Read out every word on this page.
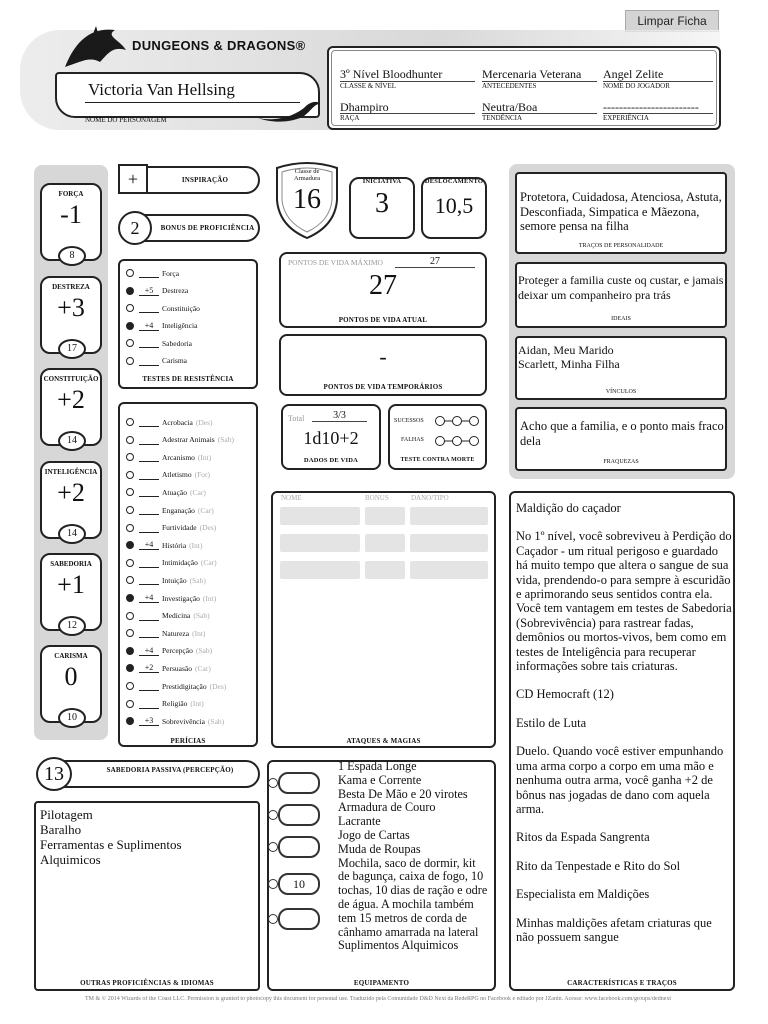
Limpar Ficha
DUNGEONS & DRAGONS®
Victoria Van Hellsing
NOME DO PERSONAGEM
3º Nível Bloodhunter
CLASSE & NÍVEL
Mercenaria Veterana
ANTECEDENTES
Angel Zelite
NOME DO JOGADOR
Dhampiro
RAÇA
Neutra/Boa
TENDÊNCIA
------------------------
EXPERIÊNCIA
FORÇA
-1
8
DESTREZA
+3
17
CONSTITUIÇÃO
+2
14
INTELIGÊNCIA
+2
14
SABEDORIA
+1
12
CARISMA
0
10
+	INSPIRAÇÃO
2	BONUS DE PROFICIÊNCIA
Força
+5	Destreza
Constituição
+4	Inteligência
Sabedoria
Carisma
TESTES DE RESISTÊNCIA
Acrobacia (Des)
Adestrar Animais (Sab)
Arcanismo (Int)
Atletismo (For)
Atuação (Car)
Enganação (Car)
Furtividade (Des)
+4	História (Int)
Intimidação (Car)
Intuição (Sab)
+4	Investigação (Int)
Medicina (Sab)
Natureza (Int)
+4	Percepção (Sab)
+2	Persuasão (Car)
Prestidigitação (Des)
Religião (Int)
+3	Sobrevivência (Sab)
PERÍCIAS
13	SABEDORIA PASSIVA (PERCEPÇÃO)
Pilotagem
Baralho
Ferramentas e Suplimentos
Alquimicos
OUTRAS PROFICIÊNCIAS & IDIOMAS
Classe de Armadura
16
INICIATIVA
3
DESLOCAMENTO
10,5
PONTOS DE VIDA MÁXIMO	27
27
PONTOS DE VIDA ATUAL
-
PONTOS DE VIDA TEMPORÁRIOS
Total	3/3
1d10+2
DADOS DE VIDA
SUCESSOS
FALHAS
TESTE CONTRA MORTE
NOME	BONUS	DANO/TIPO
ATAQUES & MAGIAS
10
1 Espada Longe
Kama e Corrente
Besta De Mão e 20 virotes
Armadura de Couro
Lacrante
Jogo de Cartas
Muda de Roupas
Mochila, saco de dormir, kit de bagunça, caixa de fogo, 10 tochas, 10 dias de ração e odre de água. A mochila também tem 15 metros de corda de cânhamo amarrada na lateral
Suplimentos Alquimicos
EQUIPAMENTO
Protetora, Cuidadosa, Atenciosa, Astuta, Desconfiada, Simpatica e Mãezona, semore pensa na filha
TRAÇOS DE PERSONALIDADE
Proteger a familia custe oq custar, e jamais deixar um companheiro pra trás
IDEAIS
Aidan, Meu Marido
Scarlett, Minha Filha
VÍNCULOS
Acho que a familia, e o ponto mais fraco dela
FRAQUEZAS
Maldição do caçador
No 1º nível, você sobreviveu à Perdição do Caçador - um ritual perigoso e guardado há muito tempo que altera o sangue de sua vida, prendendo-o para sempre à escuridão e aprimorando seus sentidos contra ela. Você tem vantagem em testes de Sabedoria (Sobrevivência) para rastrear fadas, demônios ou mortos-vivos, bem como em testes de Inteligência para recuperar informações sobre tais criaturas.
CD Hemocraft (12)
Estilo de Luta
Duelo. Quando você estiver empunhando uma arma corpo a corpo em uma mão e nenhuma outra arma, você ganha +2 de bônus nas jogadas de dano com aquela arma.
Ritos da Espada Sangrenta
Rito da Tenpestade e Rito do Sol
Especialista em Maldições
Minhas maldições afetam criaturas que não possuem sangue
CARACTERÍSTICAS E TRAÇOS
TM & © 2014 Wizards of the Coast LLC. Permission is granted to photocopy this document for personal use. Traduzido pela Comunidade D&D Next da RedeRPG no Facebook e editado por JZanin. Acesse: www.facebook.com/groups/dednext
